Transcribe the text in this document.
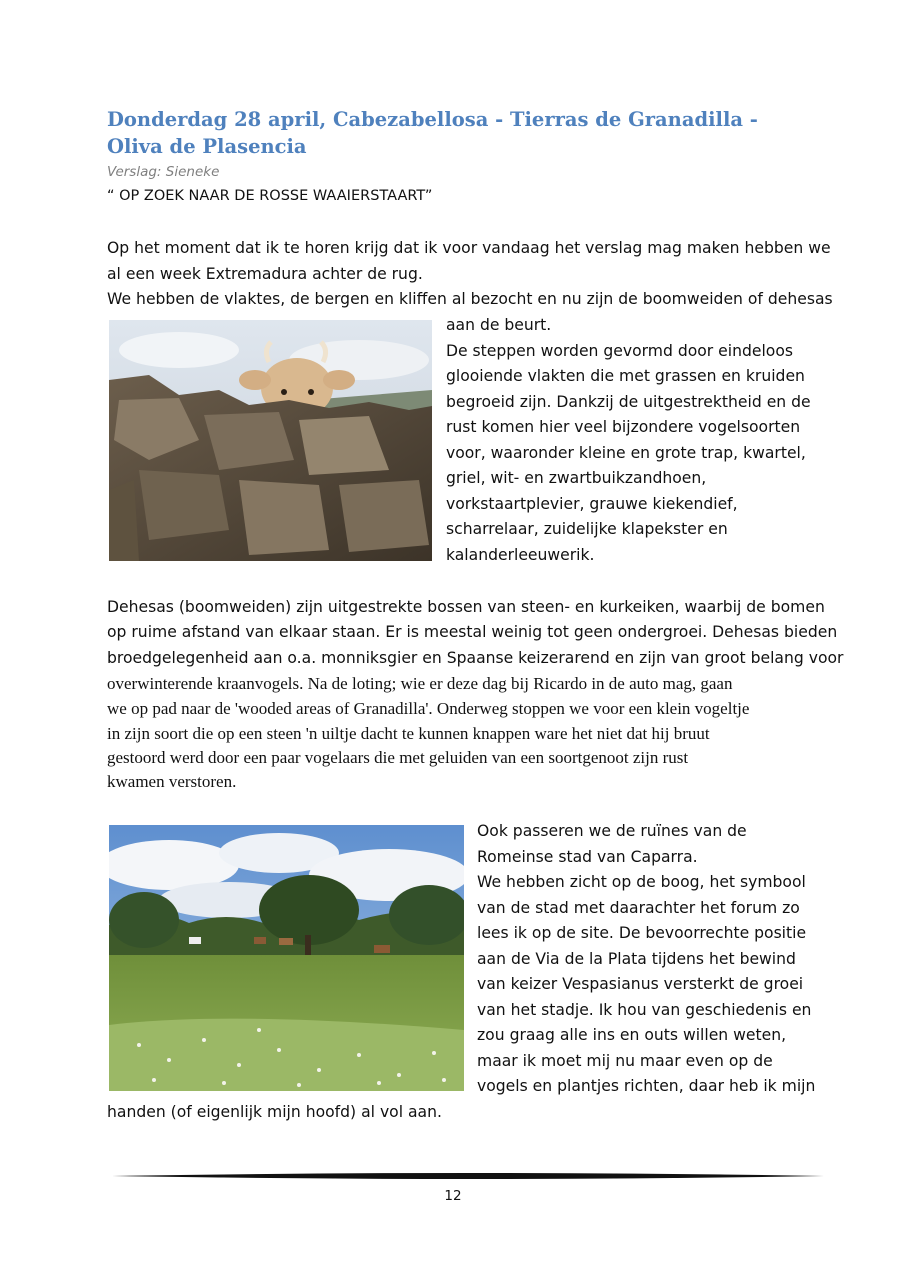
Donderdag 28 april, Cabezabellosa - Tierras de Granadilla - Oliva de Plasencia
Verslag: Sieneke
“ OP ZOEK NAAR DE ROSSE WAAIERSTAART”
Op het moment dat ik te horen krijg dat ik voor vandaag het verslag mag maken hebben we
al een week Extremadura achter de rug.
We hebben de vlaktes, de bergen en kliffen al bezocht en nu zijn de boomweiden of dehesas
aan de beurt.
De steppen worden gevormd door eindeloos
glooiende vlakten die met grassen en kruiden
begroeid zijn. Dankzij de uitgestrektheid en de
rust komen hier veel bijzondere vogelsoorten
voor, waaronder kleine en grote trap, kwartel,
griel, wit- en zwartbuikzandhoen,
vorkstaartplevier, grauwe kiekendief,
scharrelaar, zuidelijke klapekster en
kalanderleeuwerik.
Dehesas (boomweiden) zijn uitgestrekte bossen van steen- en kurkeiken, waarbij de bomen
op ruime afstand van elkaar staan. Er is meestal weinig tot geen ondergroei. Dehesas bieden
broedgelegenheid aan o.a. monniksgier en Spaanse keizerarend en zijn van groot belang voor
overwinterende kraanvogels. Na de loting; wie er deze dag bij Ricardo in de auto mag, gaan
we op pad naar de 'wooded areas of Granadilla'. Onderweg stoppen we voor een klein vogeltje
in zijn soort die op een steen 'n uiltje dacht te kunnen knappen ware het niet dat hij bruut
gestoord werd door een paar vogelaars die met geluiden van een soortgenoot zijn rust
kwamen verstoren.
Ook passeren we de ruïnes van de
Romeinse stad van Caparra.
We hebben zicht op de boog, het symbool
van de stad met daarachter het forum zo
lees ik op de site. De bevoorrechte positie
aan de Via de la Plata tijdens het bewind
van keizer Vespasianus versterkt de groei
van het stadje. Ik hou van geschiedenis en
zou graag alle ins en outs willen weten,
maar ik moet mij nu maar even op de
vogels en plantjes richten, daar heb ik mijn
handen (of eigenlijk mijn hoofd) al vol aan.
12
